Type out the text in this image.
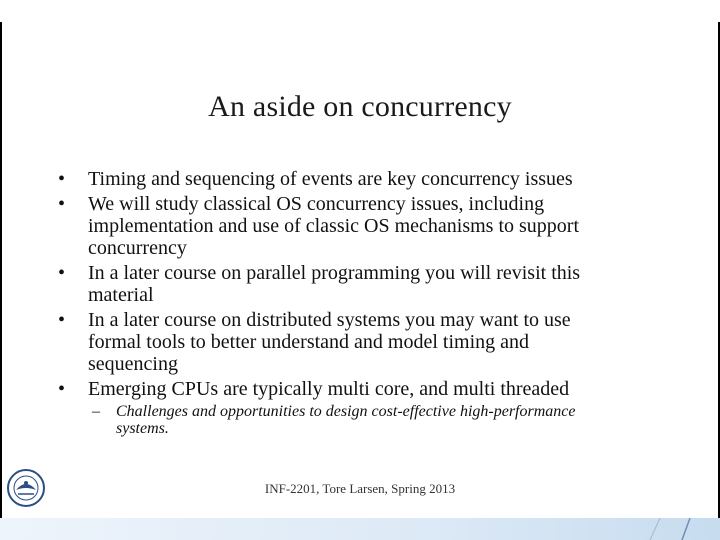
An aside on concurrency
• Timing and sequencing of events are key concurrency issues
• We will study classical OS concurrency issues, including
implementation and use of classic OS mechanisms to support
concurrency
• In a later course on parallel programming you will revisit this
material
• In a later course on distributed systems you may want to use
formal tools to better understand and model timing and
sequencing
• Emerging CPUs are typically multi core, and multi threaded
– Challenges and opportunities to design cost-effective high-performance
systems.
INF-2201, Tore Larsen, Spring 2013
